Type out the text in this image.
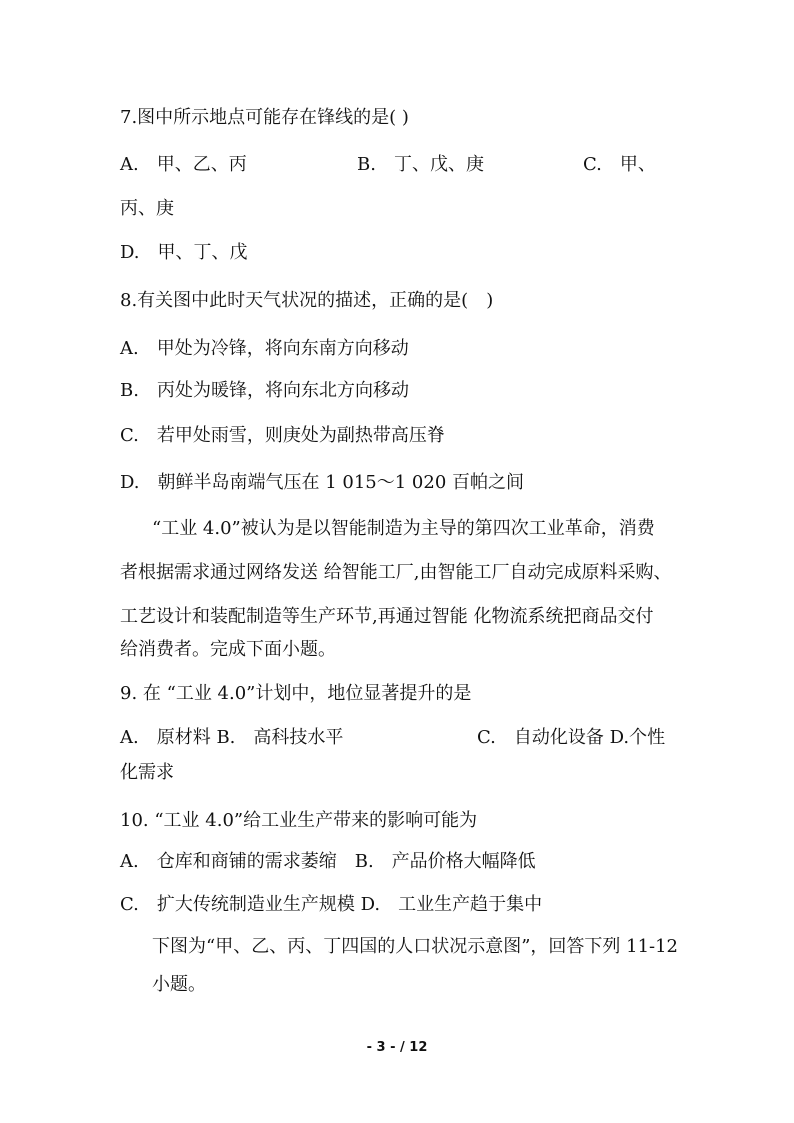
7.图中所示地点可能存在锋线的是( )
A.　甲、乙、丙	B.　丁、戊、庚	C.　甲、
丙、庚
D.　甲、丁、戊
8.有关图中此时天气状况的描述，正确的是(　)
A.　甲处为冷锋，将向东南方向移动
B.　丙处为暖锋，将向东北方向移动
C.　若甲处雨雪，则庚处为副热带高压脊
D.　朝鲜半岛南端气压在 1 015～1 020 百帕之间
“工业 4.0”被认为是以智能制造为主导的第四次工业革命，消费
者根据需求通过网络发送 给智能工厂,由智能工厂自动完成原料采购、
工艺设计和装配制造等生产环节,再通过智能 化物流系统把商品交付
给消费者。完成下面小题。
9. 在 “工业 4.0”计划中，地位显著提升的是
A.　原材料 B.　高科技水平	C.　自动化设备 D.个性
化需求
10. “工业 4.0”给工业生产带来的影响可能为
A.　仓库和商铺的需求萎缩　B.　产品价格大幅降低
C.　扩大传统制造业生产规模 D.　工业生产趋于集中
下图为“甲、乙、丙、丁四国的人口状况示意图”，回答下列 11-12
小题。
- 3 - / 12
